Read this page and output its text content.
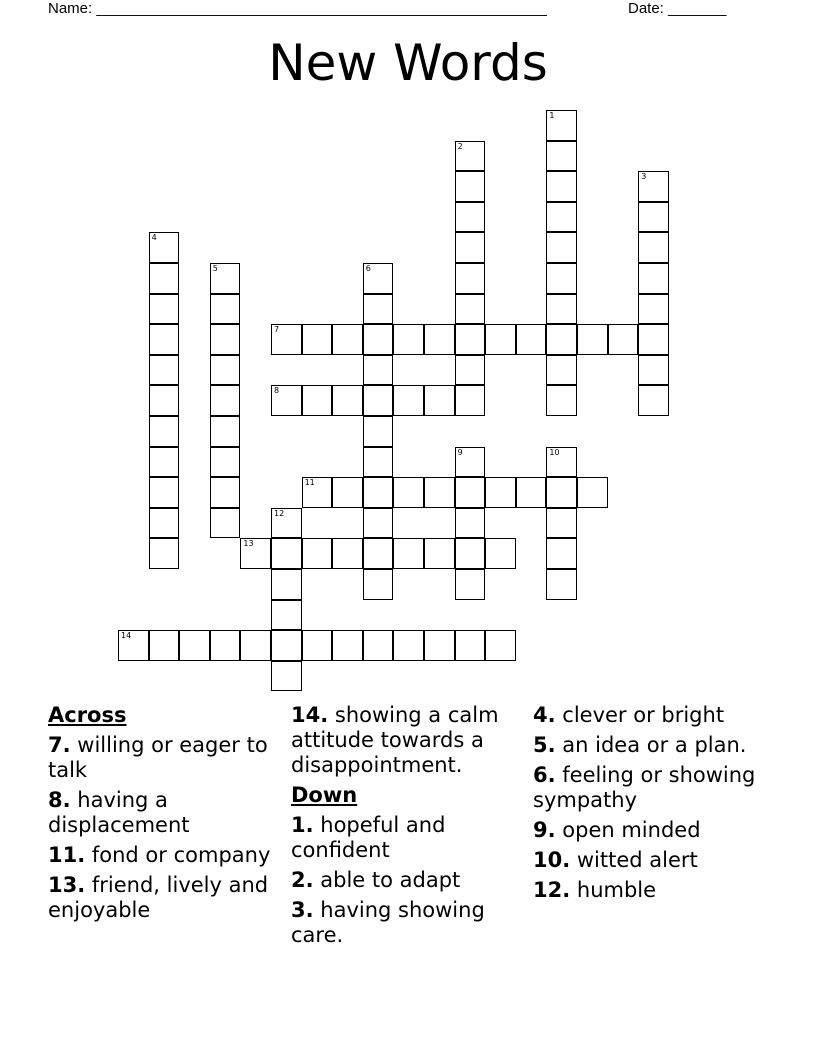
Name: ______________________________________________________	Date: _______
New Words
1
2
3
4
5	6
7
8
9	10
11
12
13
14
Across
7. willing or eager to talk
8. having a displacement
11. fond or company
13. friend, lively and enjoyable
14. showing a calm attitude towards a disappointment.
Down
1. hopeful and confident
2. able to adapt
3. having showing care.
4. clever or bright
5. an idea or a plan.
6. feeling or showing sympathy
9. open minded
10. witted alert
12. humble
